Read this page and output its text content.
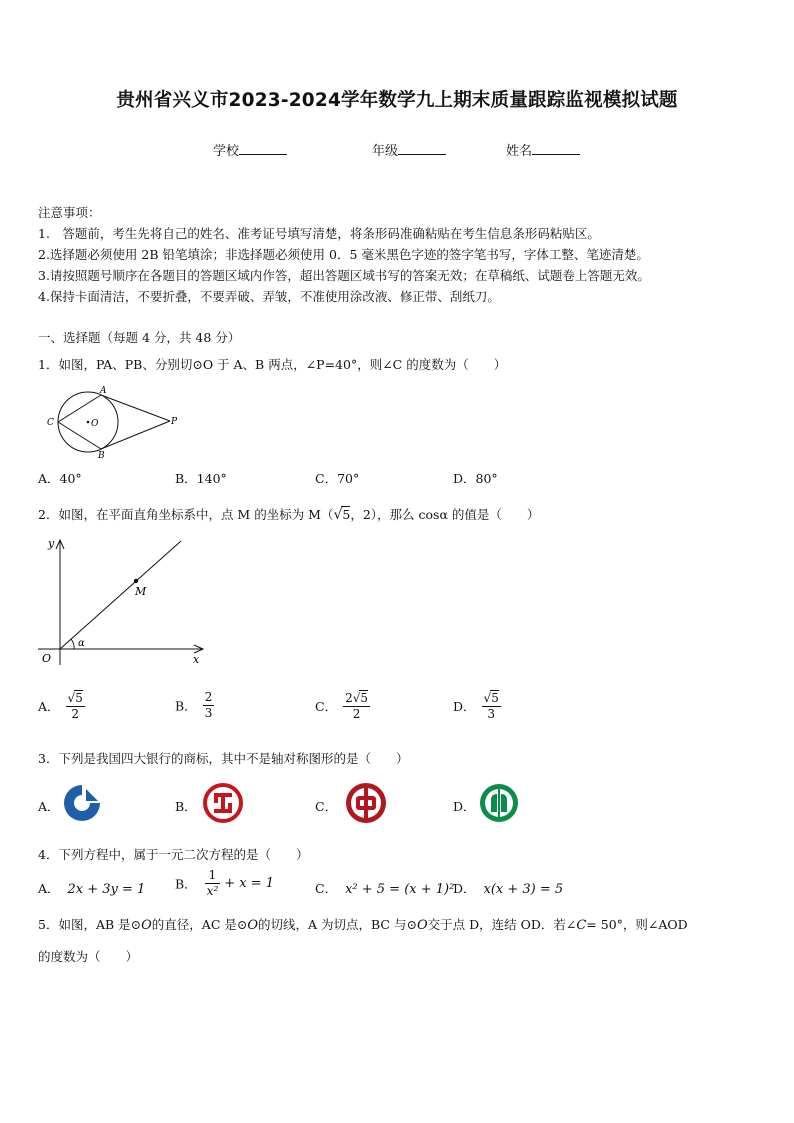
贵州省兴义市2023-2024学年数学九上期末质量跟踪监视模拟试题
学校	年级	姓名
注意事项：
1.　答题前，考生先将自己的姓名、准考证号填写清楚，将条形码准确粘贴在考生信息条形码粘贴区。
2.选择题必须使用 2B 铅笔填涂；非选择题必须使用 0．5 毫米黑色字迹的签字笔书写，字体工整、笔迹清楚。
3.请按照题号顺序在各题目的答题区域内作答，超出答题区域书写的答案无效；在草稿纸、试题卷上答题无效。
4.保持卡面清洁，不要折叠，不要弄破、弄皱，不准使用涂改液、修正带、刮纸刀。
一、选择题（每题 4 分，共 48 分）
1．如图，PA、PB、分别切⊙O 于 A、B 两点，∠P=40°，则∠C 的度数为（　　）
A
B
C	O	P
A．40°	B．140°	C．70°	D．80°
2．如图，在平面直角坐标系中，点 M 的坐标为 M（√5，2），那么 cosα 的值是（　　）
y
x
O
M
α
A． $\frac{√5}{2}$	B． $\frac{2}{3}$	C． $\frac{2√5}{2}$	D． $\frac{√5}{3}$
3．下列是我国四大银行的商标，其中不是轴对称图形的是（　　）
A．	B．	C．	D．
4．下列方程中，属于一元二次方程的是（　　）
A． 2x + 3y = 1 B． $\frac{1}{\text{x²}} + x = 1$	C． x² + 5 = (x + 1)²
D． x(x + 3) = 5
5．如图，AB 是⊙O的直径，AC 是⊙O的切线，A 为切点，BC 与⊙O交于点 D，连结 OD．若∠C= 50°，则∠AOD
的度数为（　　）
